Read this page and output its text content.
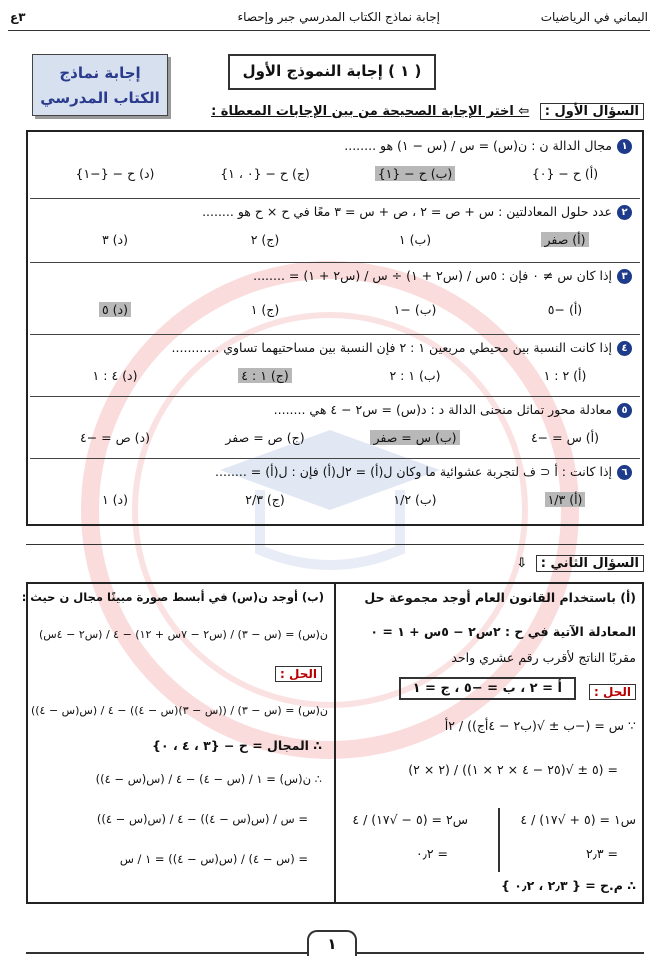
اليماني في الرياضيات
إجابة نماذج الكتاب المدرسي جبر وإحصاء
٣ع
إجابة نماذج
الكتاب المدرسي
( ١ ) إجابة النموذج الأول
السؤال الأول : ⇦ اختر الإجابة الصحيحة من بين الإجابات المعطاة :
١مجال الدالة ن : ن(س) = س / (س − ١) هو ........
(أ) ح − {٠}
(ب) ح − {١}
(ج) ح − {٠ ، ١}
(د) ح − {−١}
٢عدد حلول المعادلتين : س + ص = ٢ ، ص + س = ٣ معًا في ح × ح هو ........
(أ) صفر
(ب) ١
(ج) ٢
(د) ٣
٣إذا كان س ≠ ٠ فإن : ٥س / (س٢ + ١) ÷ س / (س٢ + ١) = ........
(أ) −٥
(ب) −١
(ج) ١
(د) ٥
٤إذا كانت النسبة بين محيطي مربعين ١ : ٢ فإن النسبة بين مساحتيهما تساوي ............
(أ) ٢ : ١
(ب) ١ : ٢
(ج) ١ : ٤
(د) ٤ : ١
٥معادلة محور تماثل منحنى الدالة د : د(س) = س٢ − ٤ هي ........
(أ) س = −٤
(ب) س = صفر
(ج) ص = صفر
(د) ص = −٤
٦إذا كانت : أ ⊂ ف لتجربة عشوائية ما وكان ل(أ) = ٢ل(أ) فإن : ل(أ) = ........
(أ) ١/٣
(ب) ١/٢
(ج) ٢/٣
(د) ١
السؤال الثاني : ⇩
(أ) باستخدام القانون العام أوجد مجموعة حل
المعادلة الآتية في ح : ٢س٢ − ٥س + ١ = ٠
مقربًا الناتج لأقرب رقم عشري واحد
الحل :
أ = ٢ ، ب = −٥ ، ج = ١
∵ س = (−ب ± √(ب٢ − ٤أج)) / ٢أ
= (٥ ± √(٢٥ − ٤ × ٢ × ١)) / (٢ × ٢)
س١ = (٥ + √١٧) / ٤
س٢ = (٥ − √١٧) / ٤
= ٢٫٣
= ٠٫٢
∴ م.ح = { ٢٫٣ ، ٠٫٢ }
(ب) أوجد ن(س) في أبسط صورة مبينًا مجال ن حيث :
ن(س) = (س − ٣) / (س٢ − ٧س + ١٢) − ٤ / (س٢ − ٤س)
الحل :
ن(س) = (س − ٣) / ((س − ٣)(س − ٤)) − ٤ / (س(س − ٤))
∴ المجال = ح − {٣ ، ٤ ، ٠}
∴ ن(س) = ١ / (س − ٤) − ٤ / (س(س − ٤))
= س / (س(س − ٤)) − ٤ / (س(س − ٤))
= (س − ٤) / (س(س − ٤)) = ١ / س
١
